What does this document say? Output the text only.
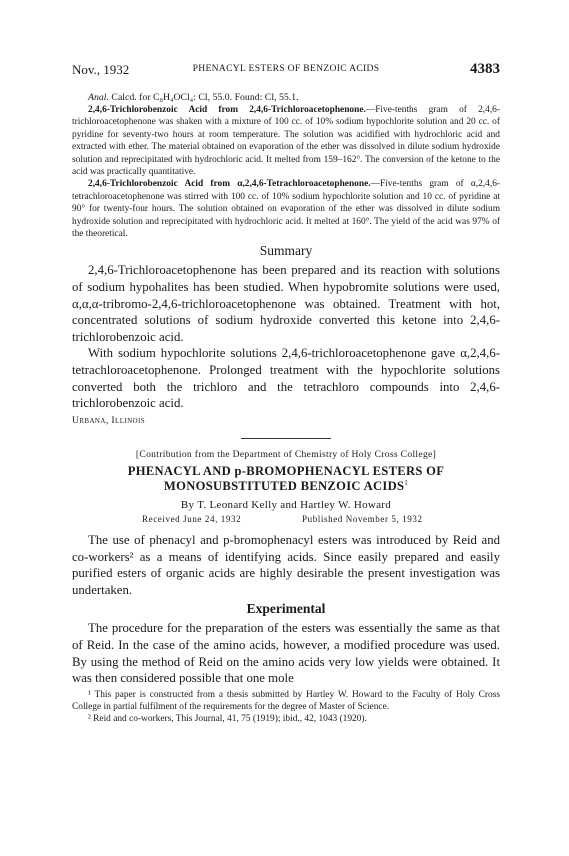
Nov., 1932	PHENACYL ESTERS OF BENZOIC ACIDS	4383
Anal. Calcd. for C₈H₄OCl₄: Cl, 55.0. Found: Cl, 55.1.

2,4,6-Trichlorobenzoic Acid from 2,4,6-Trichloroacetophenone.—Five-tenths gram of 2,4,6-trichloroacetophenone was shaken with a mixture of 100 cc. of 10% sodium hypochlorite solution and 20 cc. of pyridine for seventy-two hours at room temperature. The solution was acidified with hydrochloric acid and extracted with ether. The material obtained on evaporation of the ether was dissolved in dilute sodium hydroxide solution and reprecipitated with hydrochloric acid. It melted from 159–162°. The conversion of the ketone to the acid was practically quantitative.

2,4,6-Trichlorobenzoic Acid from α,2,4,6-Tetrachloroacetophenone.—Five-tenths gram of α,2,4,6-tetrachloroacetophenone was stirred with 100 cc. of 10% sodium hypochlorite solution and 10 cc. of pyridine at 90° for twenty-four hours. The solution obtained on evaporation of the ether was dissolved in dilute sodium hydroxide solution and reprecipitated with hydrochloric acid. It melted at 160°. The yield of the acid was 97% of the theoretical.

Summary

2,4,6-Trichloroacetophenone has been prepared and its reaction with solutions of sodium hypohalites has been studied. When hypobromite solutions were used, α,α,α-tribromo-2,4,6-trichloroacetophenone was obtained. Treatment with hot, concentrated solutions of sodium hydroxide converted this ketone into 2,4,6-trichlorobenzoic acid.

With sodium hypochlorite solutions 2,4,6-trichloroacetophenone gave α,2,4,6-tetrachloroacetophenone. Prolonged treatment with the hypochlorite solutions converted both the trichloro and the tetrachloro compounds into 2,4,6-trichlorobenzoic acid.

Urbana, Illinois
[Contribution from the Department of Chemistry of Holy Cross College]
PHENACYL AND p-BROMOPHENACYL ESTERS OF
MONOSUBSTITUTED BENZOIC ACIDS$^1$
By T. Leonard Kelly and Hartley W. Howard
Received June 24, 1932	Published November 5, 1932

The use of phenacyl and p-bromophenacyl esters was introduced by Reid and co-workers² as a means of identifying acids. Since easily prepared and easily purified esters of organic acids are highly desirable the present investigation was undertaken.

Experimental

The procedure for the preparation of the esters was essentially the same as that of Reid. In the case of the amino acids, however, a modified procedure was used. By using the method of Reid on the amino acids very low yields were obtained. It was then considered possible that one mole

¹ This paper is constructed from a thesis submitted by Hartley W. Howard to the Faculty of Holy Cross College in partial fulfilment of the requirements for the degree of Master of Science.

² Reid and co-workers, This Journal, 41, 75 (1919); ibid., 42, 1043 (1920).
